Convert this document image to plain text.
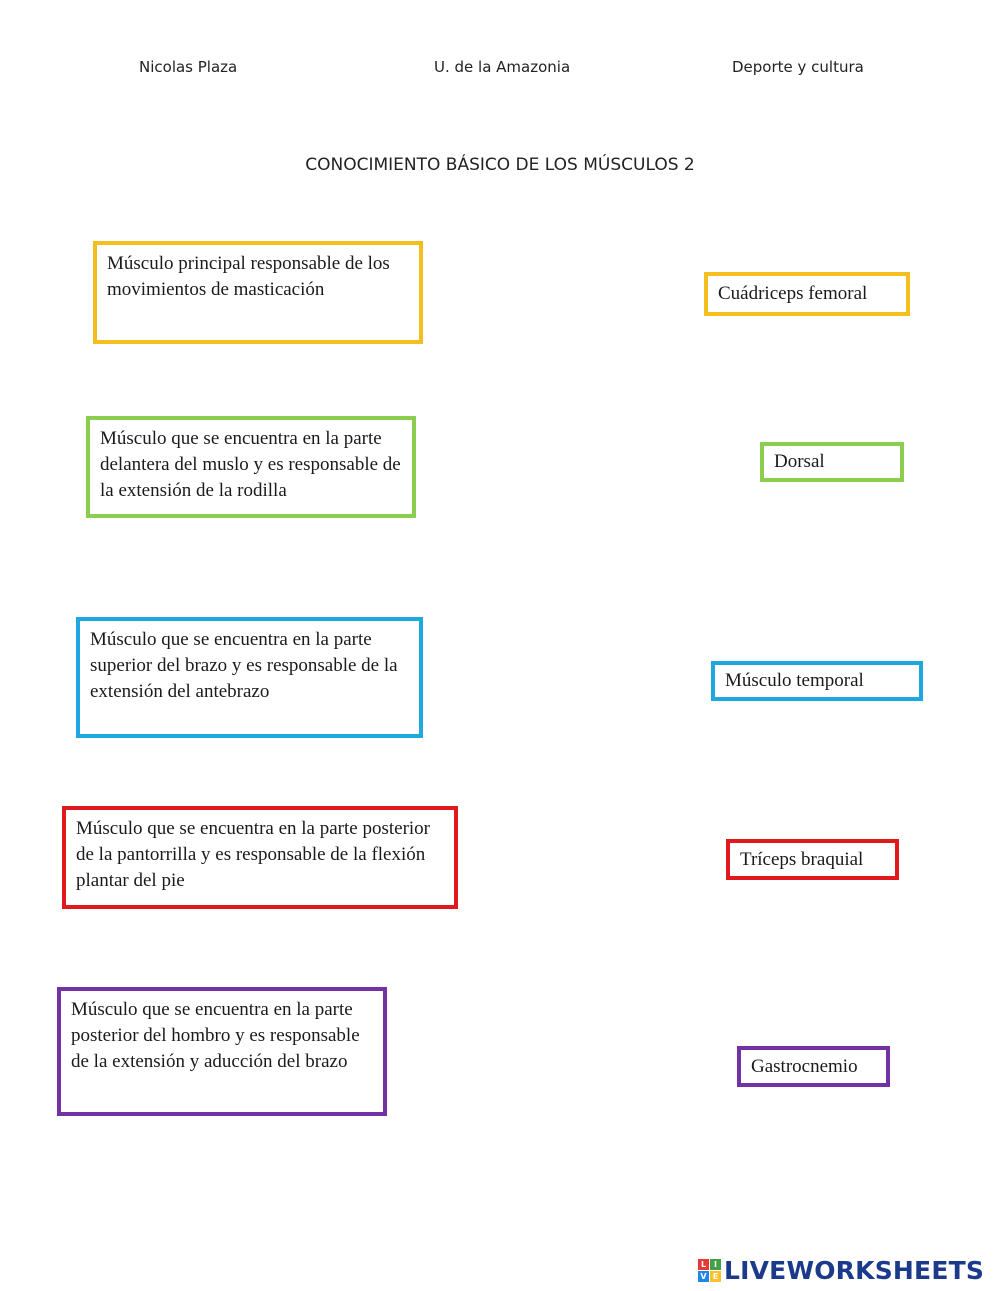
Nicolas Plaza	U. de la Amazonia	Deporte y cultura
CONOCIMIENTO BÁSICO DE LOS MÚSCULOS 2
Músculo principal responsable de los movimientos de masticación
Músculo que se encuentra en la parte delantera del muslo y es responsable de la extensión de la rodilla
Músculo que se encuentra en la parte superior del brazo y es responsable de la extensión del antebrazo
Músculo que se encuentra en la parte posterior de la pantorrilla y es responsable de la flexión plantar del pie
Músculo que se encuentra en la parte posterior del hombro y es responsable de la extensión y aducción del brazo
Cuádriceps femoral
Dorsal
Músculo temporal
Tríceps braquial
Gastrocnemio
L I
V E LIVEWORKSHEETS
